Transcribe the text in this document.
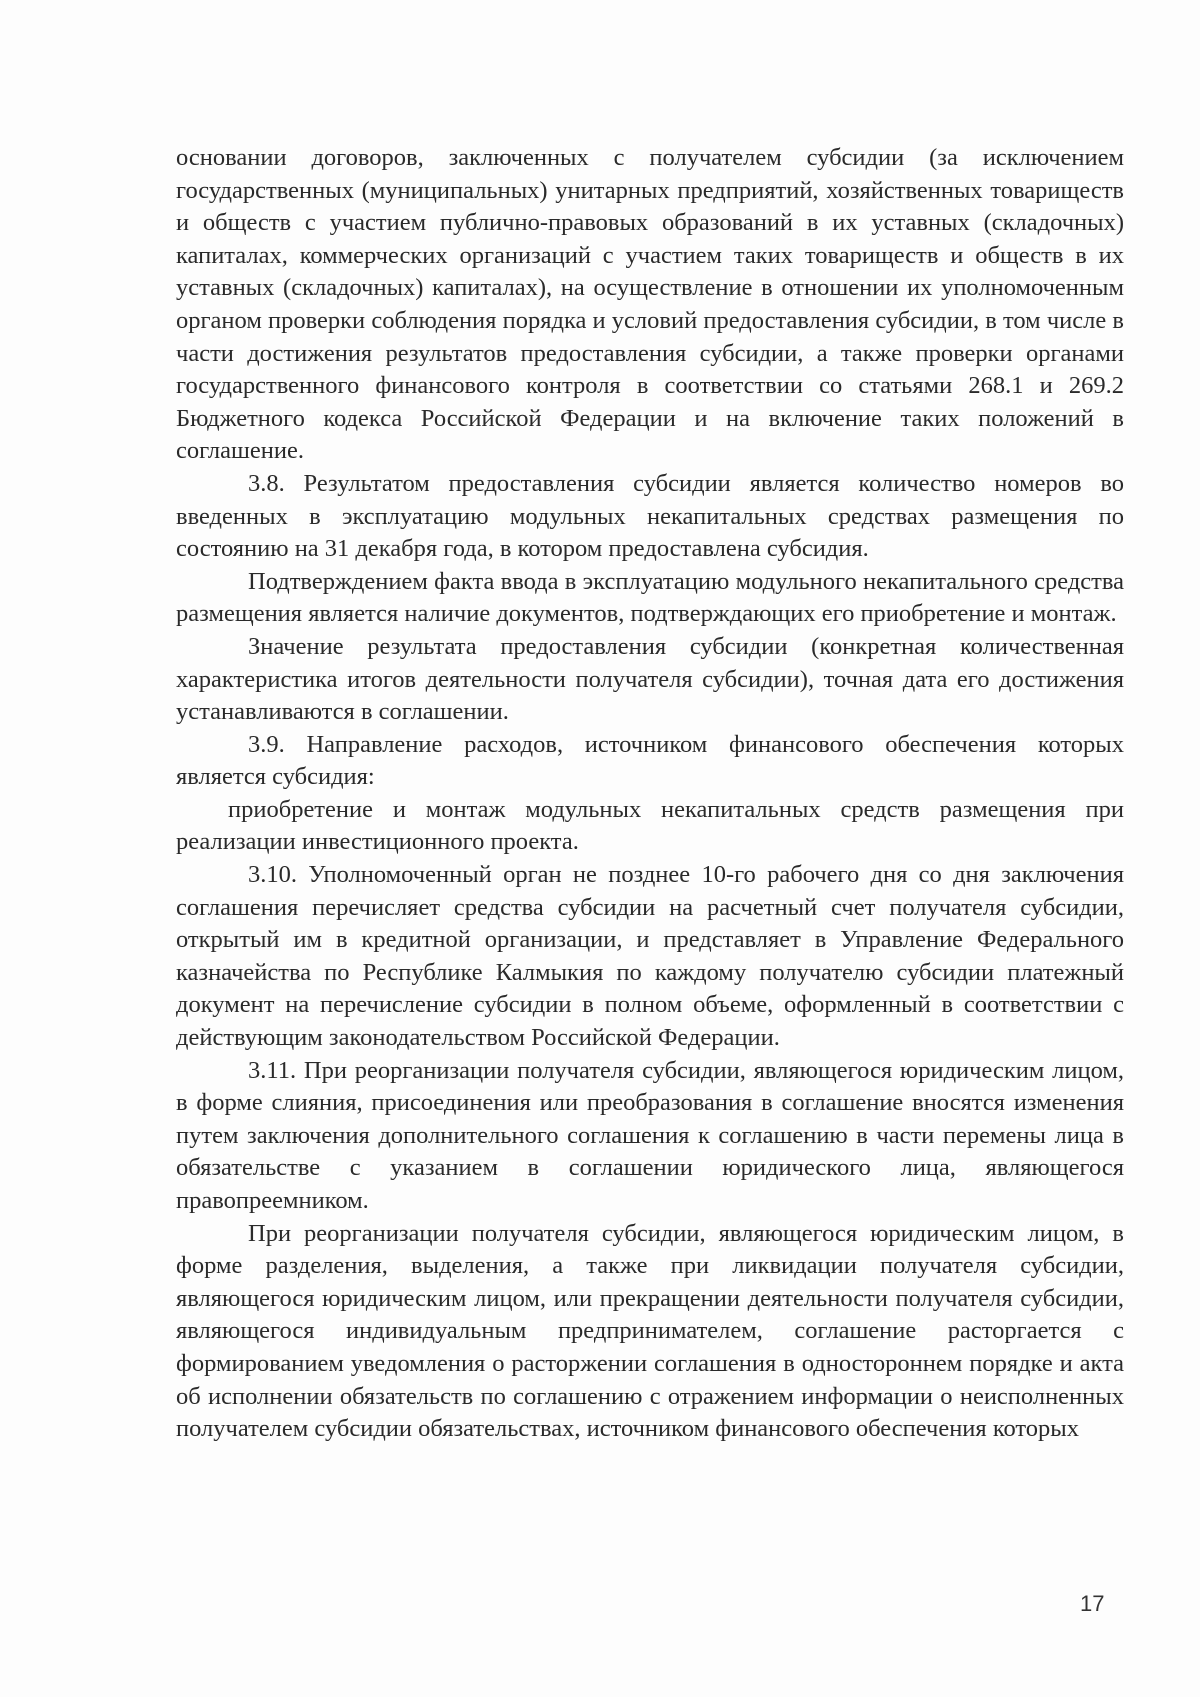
основании договоров, заключенных с получателем субсидии (за исключением государственных (муниципальных) унитарных предприятий, хозяйственных товариществ и обществ с участием публично-правовых образований в их уставных (складочных) капиталах, коммерческих организаций с участием таких товариществ и обществ в их уставных (складочных) капиталах), на осуществление в отношении их уполномоченным органом проверки соблюдения порядка и условий предоставления субсидии, в том числе в части достижения результатов предоставления субсидии, а также проверки органами государственного финансового контроля в соответствии со статьями 268.1 и 269.2 Бюджетного кодекса Российской Федерации и на включение таких положений в соглашение.

3.8. Результатом предоставления субсидии является количество номеров во введенных в эксплуатацию модульных некапитальных средствах размещения по состоянию на 31 декабря года, в котором предоставлена субсидия.

Подтверждением факта ввода в эксплуатацию модульного некапитального средства размещения является наличие документов, подтверждающих его приобретение и монтаж.

Значение результата предоставления субсидии (конкретная количественная характеристика итогов деятельности получателя субсидии), точная дата его достижения устанавливаются в соглашении.

3.9. Направление расходов, источником финансового обеспечения которых является субсидия:

приобретение и монтаж модульных некапитальных средств размещения при реализации инвестиционного проекта.

3.10. Уполномоченный орган не позднее 10-го рабочего дня со дня заключения соглашения перечисляет средства субсидии на расчетный счет получателя субсидии, открытый им в кредитной организации, и представляет в Управление Федерального казначейства по Республике Калмыкия по каждому получателю субсидии платежный документ на перечисление субсидии в полном объеме, оформленный в соответствии с действующим законодательством Российской Федерации.

3.11. При реорганизации получателя субсидии, являющегося юридическим лицом, в форме слияния, присоединения или преобразования в соглашение вносятся изменения путем заключения дополнительного соглашения к соглашению в части перемены лица в обязательстве с указанием в соглашении юридического лица, являющегося правопреемником.

При реорганизации получателя субсидии, являющегося юридическим лицом, в форме разделения, выделения, а также при ликвидации получателя субсидии, являющегося юридическим лицом, или прекращении деятельности получателя субсидии, являющегося индивидуальным предпринимателем, соглашение расторгается с формированием уведомления о расторжении соглашения в одностороннем порядке и акта об исполнении обязательств по соглашению с отражением информации о неисполненных получателем субсидии обязательствах, источником финансового обеспечения которых

17
